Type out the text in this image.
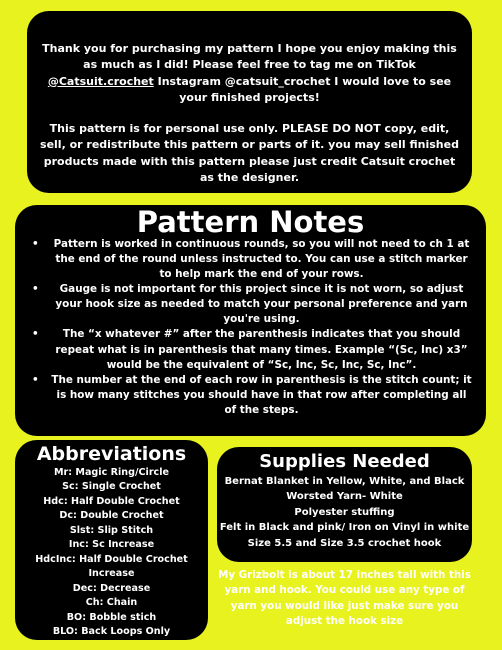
Thank you for purchasing my pattern I hope you enjoy making this as much as I did! Please feel free to tag me on TikTok @Catsuit.crochet Instagram @catsuit_crochet I would love to see your finished projects!

This pattern is for personal use only. PLEASE DO NOT copy, edit, sell, or redistribute this pattern or parts of it. you may sell finished products made with this pattern please just credit Catsuit crochet as the designer.

Pattern Notes
• Pattern is worked in continuous rounds, so you will not need to ch 1 at the end of the round unless instructed to. You can use a stitch marker to help mark the end of your rows.
• Gauge is not important for this project since it is not worn, so adjust your hook size as needed to match your personal preference and yarn you're using.
• The “x whatever #” after the parenthesis indicates that you should repeat what is in parenthesis that many times. Example “(Sc, Inc) x3” would be the equivalent of “Sc, Inc, Sc, Inc, Sc, Inc”.
• The number at the end of each row in parenthesis is the stitch count; it is how many stitches you should have in that row after completing all of the steps.
Abbreviations
Mr: Magic Ring/Circle
Sc: Single Crochet
Hdc: Half Double Crochet
Dc: Double Crochet
Slst: Slip Stitch
Inc: Sc Increase
HdcInc: Half Double Crochet
Increase
Dec: Decrease
Ch: Chain
BO: Bobble stich
BLO: Back Loops Only
Supplies Needed
Bernat Blanket in Yellow, White, and Black
Worsted Yarn- White
Polyester stuffing
Felt in Black and pink/ Iron on Vinyl in white
Size 5.5 and Size 3.5 crochet hook
My Grizbolt is about 17 inches tall with this yarn and hook. You could use any type of yarn you would like just make sure you adjust the hook size
